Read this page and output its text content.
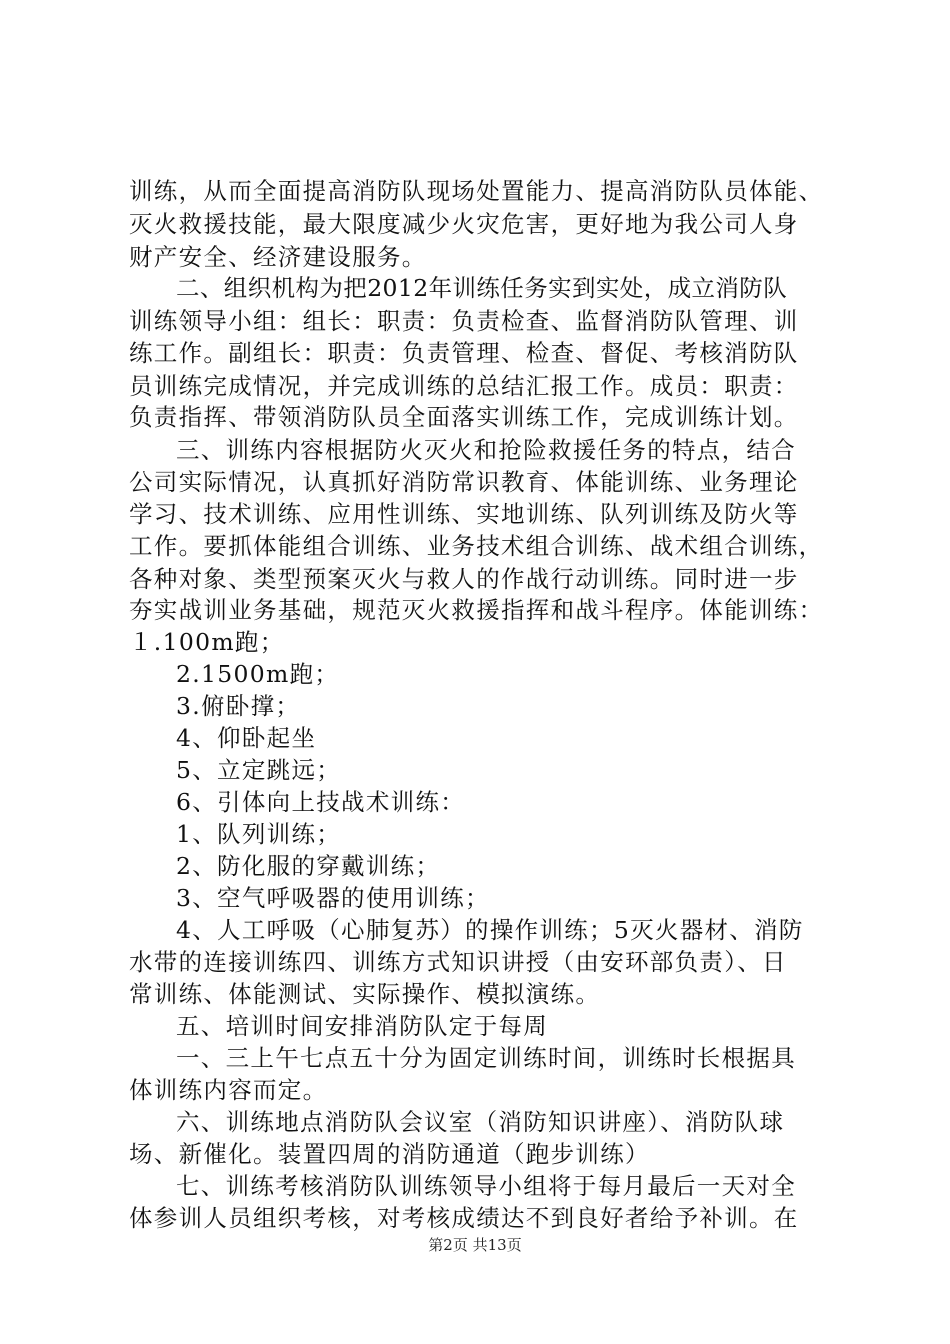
训练，从而全面提高消防队现场处置能力、提高消防队员体能、
灭火救援技能，最大限度减少火灾危害，更好地为我公司人身
财产安全、经济建设服务。
二、组织机构为把2012年训练任务实到实处，成立消防队
训练领导小组：组长：职责：负责检查、监督消防队管理、训
练工作。副组长：职责：负责管理、检查、督促、考核消防队
员训练完成情况，并完成训练的总结汇报工作。成员：职责：
负责指挥、带领消防队员全面落实训练工作，完成训练计划。
三、训练内容根据防火灭火和抢险救援任务的特点，结合
公司实际情况，认真抓好消防常识教育、体能训练、业务理论
学习、技术训练、应用性训练、实地训练、队列训练及防火等
工作。要抓体能组合训练、业务技术组合训练、战术组合训练，
各种对象、类型预案灭火与救人的作战行动训练。同时进一步
夯实战训业务基础，规范灭火救援指挥和战斗程序。体能训练：
１.100m跑；
2.1500m跑；
3.俯卧撑；
4、仰卧起坐
5、立定跳远；
6、引体向上技战术训练：
1、队列训练；
2、防化服的穿戴训练；
3、空气呼吸器的使用训练；
4、人工呼吸（心肺复苏）的操作训练；5灭火器材、消防
水带的连接训练四、训练方式知识讲授（由安环部负责）、日
常训练、体能测试、实际操作、模拟演练。
五、培训时间安排消防队定于每周
一、三上午七点五十分为固定训练时间，训练时长根据具
体训练内容而定。
六、训练地点消防队会议室（消防知识讲座）、消防队球
场、新催化。装置四周的消防通道（跑步训练）
七、训练考核消防队训练领导小组将于每月最后一天对全
体参训人员组织考核，对考核成绩达不到良好者给予补训。在
第2页 共13页
